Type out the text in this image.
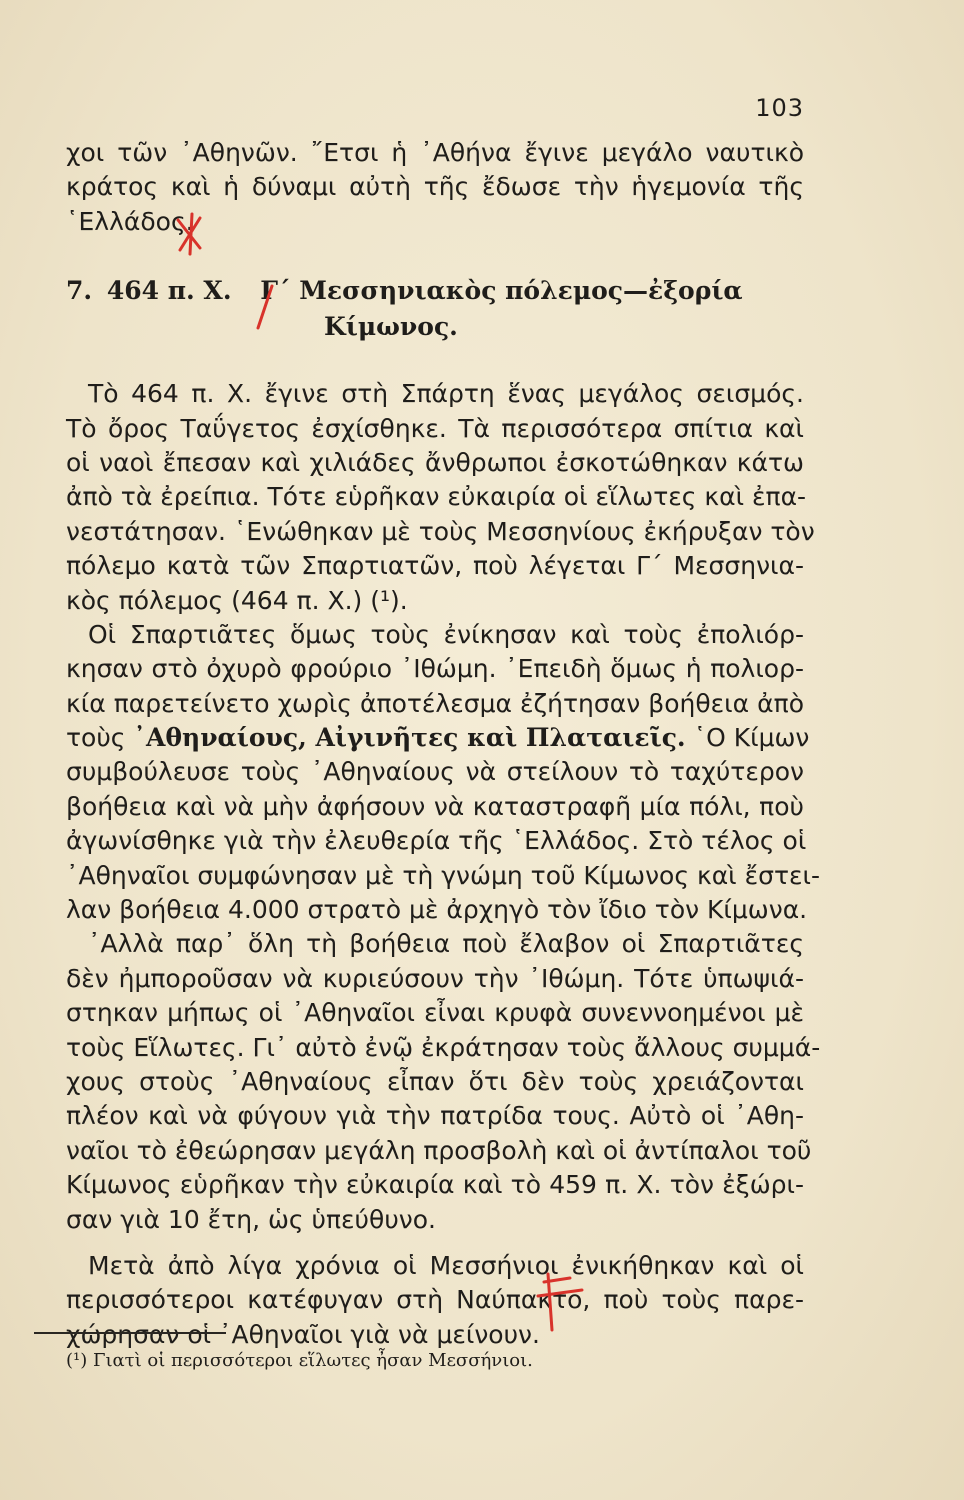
103
χοι τῶν ᾿Αθηνῶν. ῎Ετσι ἡ ᾿Αθήνα ἔγινε μεγάλο ναυτικὸ
κράτος καὶ ἡ δύναμι αὐτὴ τῆς ἔδωσε τὴν ἡγεμονία τῆς
῾Ελλάδος.
7. 464 π. Χ. Γ΄ Μεσσηνιακὸς πόλεμος—ἐξορία
Κίμωνος.
Τὸ 464 π. Χ. ἔγινε στὴ Σπάρτη ἕνας μεγάλος σεισμός.
Τὸ ὄρος Ταΰγετος ἐσχίσθηκε. Τὰ περισσότερα σπίτια καὶ
οἱ ναοὶ ἔπεσαν καὶ χιλιάδες ἄνθρωποι ἐσκοτώθηκαν κάτω
ἀπὸ τὰ ἐρείπια. Τότε εὑρῆκαν εὐκαιρία οἱ εἵλωτες καὶ ἐπα-
νεστάτησαν. ῾Ενώθηκαν μὲ τοὺς Μεσσηνίους ἐκήρυξαν τὸν
πόλεμο κατὰ τῶν Σπαρτιατῶν, ποὺ λέγεται Γ΄ Μεσσηνια-
κὸς πόλεμος (464 π. Χ.) (¹).
Οἱ Σπαρτιᾶτες ὅμως τοὺς ἐνίκησαν καὶ τοὺς ἐπολιόρ-
κησαν στὸ ὀχυρὸ φρούριο ᾿Ιθώμη. ᾿Επειδὴ ὅμως ἡ πολιορ-
κία παρετείνετο χωρὶς ἀποτέλεσμα ἐζήτησαν βοήθεια ἀπὸ
τοὺς ᾿Αθηναίους, Αἰγινῆτες καὶ Πλαταιεῖς. ῾Ο Κίμων
συμβούλευσε τοὺς ᾿Αθηναίους νὰ στείλουν τὸ ταχύτερον
βοήθεια καὶ νὰ μὴν ἀφήσουν νὰ καταστραφῆ μία πόλι, ποὺ
ἀγωνίσθηκε γιὰ τὴν ἐλευθερία τῆς ῾Ελλάδος. Στὸ τέλος οἱ
᾿Αθηναῖοι συμφώνησαν μὲ τὴ γνώμη τοῦ Κίμωνος καὶ ἔστει-
λαν βοήθεια 4.000 στρατὸ μὲ ἀρχηγὸ τὸν ἴδιο τὸν Κίμωνα.
᾿Αλλὰ παρ᾿ ὅλη τὴ βοήθεια ποὺ ἔλαβον οἱ Σπαρτιᾶτες
δὲν ἠμποροῦσαν νὰ κυριεύσουν τὴν ᾿Ιθώμη. Τότε ὑπωψιά-
στηκαν μήπως οἱ ᾿Αθηναῖοι εἶναι κρυφὰ συνεννοημένοι μὲ
τοὺς Εἵλωτες. Γι᾿ αὐτὸ ἐνῷ ἐκράτησαν τοὺς ἄλλους συμμά-
χους στοὺς ᾿Αθηναίους εἶπαν ὅτι δὲν τοὺς χρειάζονται
πλέον καὶ νὰ φύγουν γιὰ τὴν πατρίδα τους. Αὐτὸ οἱ ᾿Αθη-
ναῖοι τὸ ἐθεώρησαν μεγάλη προσβολὴ καὶ οἱ ἀντίπαλοι τοῦ
Κίμωνος εὑρῆκαν τὴν εὐκαιρία καὶ τὸ 459 π. Χ. τὸν ἐξώρι-
σαν γιὰ 10 ἔτη, ὡς ὑπεύθυνο.
Μετὰ ἀπὸ λίγα χρόνια οἱ Μεσσήνιοι ἐνικήθηκαν καὶ οἱ
περισσότεροι κατέφυγαν στὴ Ναύπακτο, ποὺ τοὺς παρε-
χώρησαν οἱ ᾿Αθηναῖοι γιὰ νὰ μείνουν.
(¹) Γιατὶ οἱ περισσότεροι εἵλωτες ἦσαν Μεσσήνιοι.
